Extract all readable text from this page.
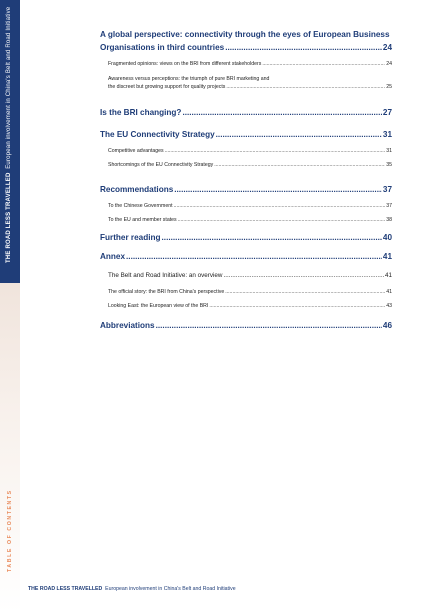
THE ROAD LESS TRAVELLED  European involvement in China's Belt and Road Initiative
TABLE OF CONTENTS
A global perspective: connectivity through the eyes of European Business
Organisations in third countries .....	24
Fragmented opinions: views on the BRI from different stakeholders .....	24
Awareness versus perceptions: the triumph of pure BRI marketing and
the discreet but growing support for quality projects .....	25
Is the BRI changing? .....	27
The EU Connectivity Strategy .....	31
Competitive advantages .....	31
Shortcomings of the EU Connectivity Strategy .....	35
Recommendations .....	37
To the Chinese Government .....	37
To the EU and member states .....	38
Further reading .....	40
Annex .....	41
The Belt and Road Initiative: an overview .....	41
The official story: the BRI from China's perspective .....	41
Looking East: the European view of the BRI .....	43
Abbreviations .....	46
THE ROAD LESS TRAVELLED European involvement in China's Belt and Road Initiative
